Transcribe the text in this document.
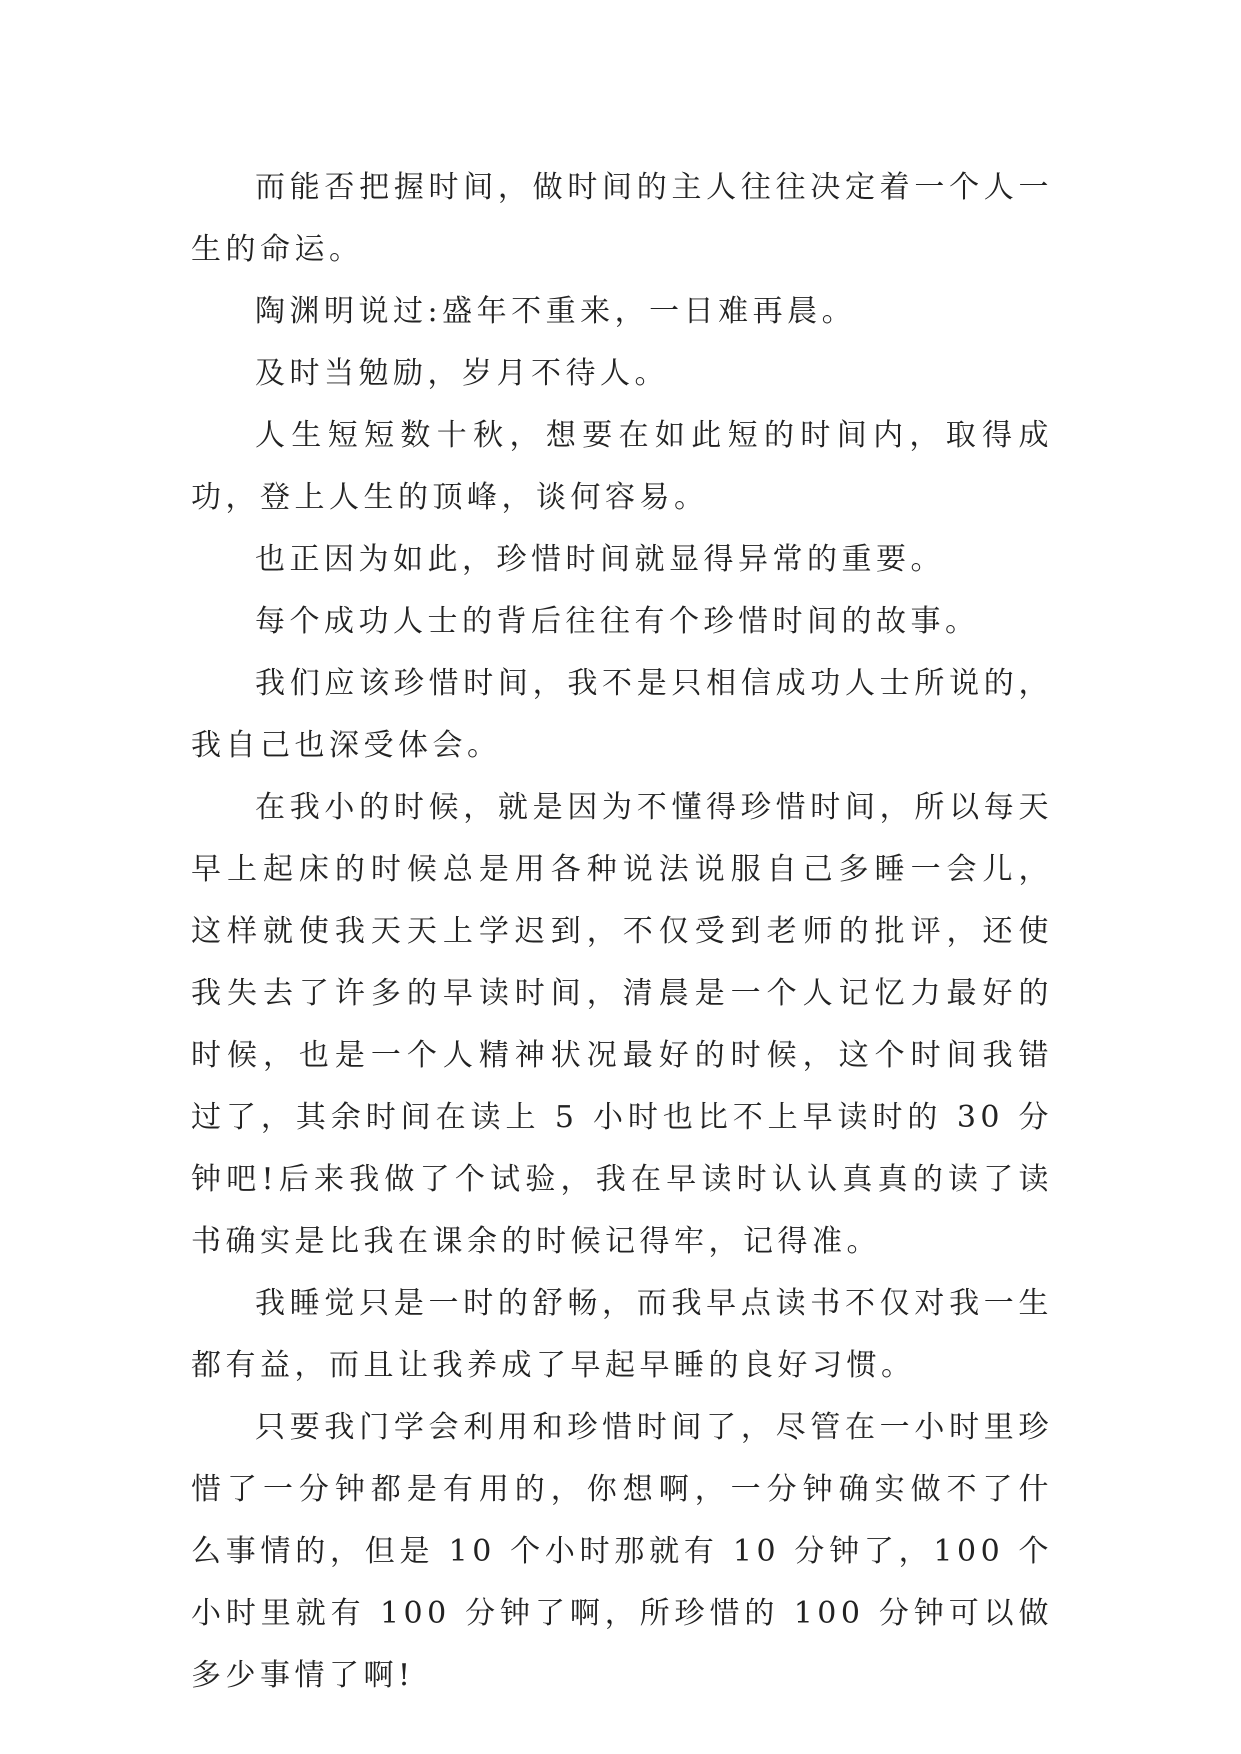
而能否把握时间，做时间的主人往往决定着一个人一生的命运。

陶渊明说过:盛年不重来，一日难再晨。

及时当勉励，岁月不待人。

人生短短数十秋，想要在如此短的时间内，取得成功，登上人生的顶峰，谈何容易。

也正因为如此，珍惜时间就显得异常的重要。

每个成功人士的背后往往有个珍惜时间的故事。

我们应该珍惜时间，我不是只相信成功人士所说的，我自己也深受体会。

在我小的时候，就是因为不懂得珍惜时间，所以每天早上起床的时候总是用各种说法说服自己多睡一会儿，这样就使我天天上学迟到，不仅受到老师的批评，还使我失去了许多的早读时间，清晨是一个人记忆力最好的时候，也是一个人精神状况最好的时候，这个时间我错过了，其余时间在读上 5 小时也比不上早读时的 30 分钟吧!后来我做了个试验，我在早读时认认真真的读了读书确实是比我在课余的时候记得牢，记得准。

我睡觉只是一时的舒畅，而我早点读书不仅对我一生都有益，而且让我养成了早起早睡的良好习惯。

只要我门学会利用和珍惜时间了，尽管在一小时里珍惜了一分钟都是有用的，你想啊，一分钟确实做不了什么事情的，但是 10 个小时那就有 10 分钟了，100 个小时里就有 100 分钟了啊，所珍惜的 100 分钟可以做多少事情了啊!
